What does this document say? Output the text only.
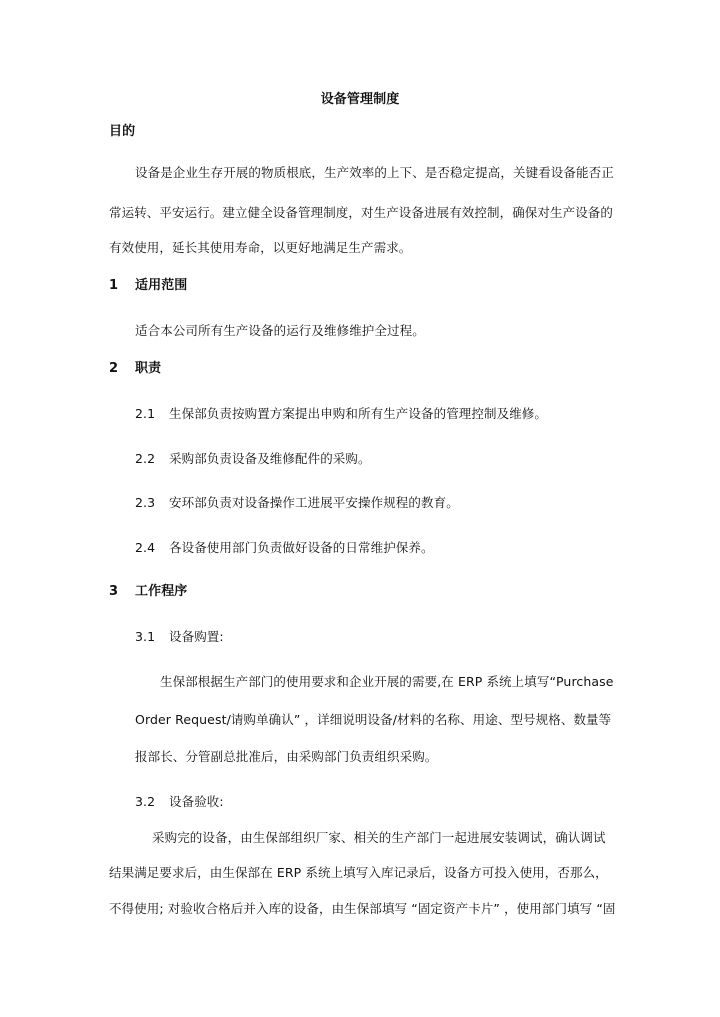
设备管理制度
目的
设备是企业生存开展的物质根底，生产效率的上下、是否稳定提高，关键看设备能否正
常运转、平安运行。建立健全设备管理制度，对生产设备进展有效控制，确保对生产设备的
有效使用，延长其使用寿命，以更好地满足生产需求。
1 适用范围
适合本公司所有生产设备的运行及维修维护全过程。
2 职责
2.1 生保部负责按购置方案提出申购和所有生产设备的管理控制及维修。
2.2 采购部负责设备及维修配件的采购。
2.3 安环部负责对设备操作工进展平安操作规程的教育。
2.4 各设备使用部门负责做好设备的日常维护保养。
3 工作程序
3.1 设备购置:
生保部根据生产部门的使用要求和企业开展的需要,在 ERP 系统上填写“Purchase
Order Request/请购单确认” ，详细说明设备/材料的名称、用途、型号规格、数量等
报部长、分管副总批准后，由采购部门负责组织采购。
3.2 设备验收:
采购完的设备，由生保部组织厂家、相关的生产部门一起进展安装调试，确认调试
结果满足要求后，由生保部在 ERP 系统上填写入库记录后，设备方可投入使用，否那么，
不得使用; 对验收合格后并入库的设备，由生保部填写 “固定资产卡片” ，使用部门填写 “固
